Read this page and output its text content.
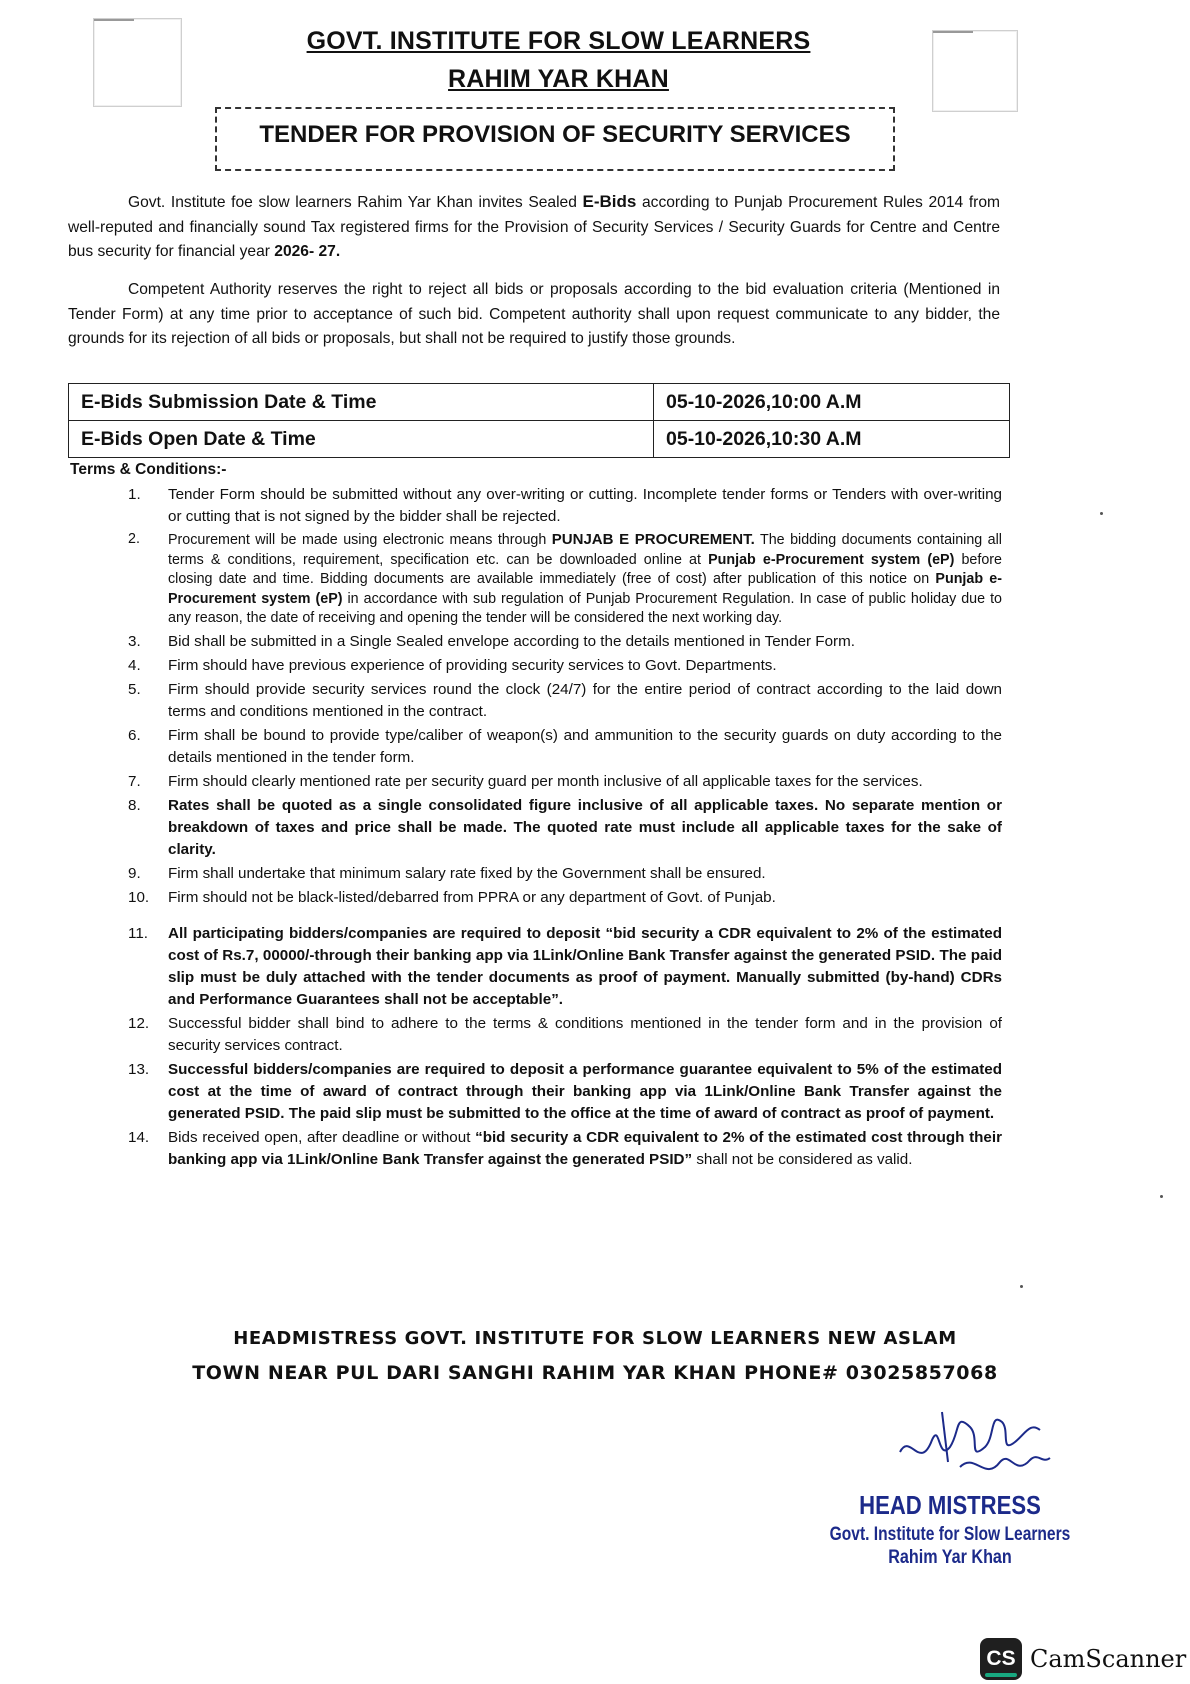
GOVT. INSTITUTE FOR SLOW LEARNERS
RAHIM YAR KHAN
TENDER FOR PROVISION OF SECURITY SERVICES
Govt. Institute foe slow learners Rahim Yar Khan invites Sealed E-Bids according to Punjab Procurement Rules 2014 from well-reputed and financially sound Tax registered firms for the Provision of Security Services / Security Guards for Centre and Centre bus security for financial year 2026- 27.
Competent Authority reserves the right to reject all bids or proposals according to the bid evaluation criteria (Mentioned in Tender Form) at any time prior to acceptance of such bid. Competent authority shall upon request communicate to any bidder, the grounds for its rejection of all bids or proposals, but shall not be required to justify those grounds.
E-Bids Submission Date & Time	05-10-2026,10:00 A.M
E-Bids Open Date & Time	05-10-2026,10:30 A.M
Terms & Conditions:-
1.	Tender Form should be submitted without any over-writing or cutting. Incomplete tender forms or Tenders with over-writing or cutting that is not signed by the bidder shall be rejected.
2.	Procurement will be made using electronic means through PUNJAB E PROCUREMENT. The bidding documents containing all terms & conditions, requirement, specification etc. can be downloaded online at Punjab e-Procurement system (eP) before closing date and time. Bidding documents are available immediately (free of cost) after publication of this notice on Punjab e-Procurement system (eP) in accordance with sub regulation of Punjab Procurement Regulation. In case of public holiday due to any reason, the date of receiving and opening the tender will be considered the next working day.
3.	Bid shall be submitted in a Single Sealed envelope according to the details mentioned in Tender Form.
4.	Firm should have previous experience of providing security services to Govt. Departments.
5.	Firm should provide security services round the clock (24/7) for the entire period of contract according to the laid down terms and conditions mentioned in the contract.
6.	Firm shall be bound to provide type/caliber of weapon(s) and ammunition to the security guards on duty according to the details mentioned in the tender form.
7.	Firm should clearly mentioned rate per security guard per month inclusive of all applicable taxes for the services.
8.	Rates shall be quoted as a single consolidated figure inclusive of all applicable taxes. No separate mention or breakdown of taxes and price shall be made. The quoted rate must include all applicable taxes for the sake of clarity.
9.	Firm shall undertake that minimum salary rate fixed by the Government shall be ensured.
10.	Firm should not be black-listed/debarred from PPRA or any department of Govt. of Punjab.
11.	All participating bidders/companies are required to deposit “bid security a CDR equivalent to 2% of the estimated cost of Rs.7, 00000/-through their banking app via 1Link/Online Bank Transfer against the generated PSID. The paid slip must be duly attached with the tender documents as proof of payment. Manually submitted (by-hand) CDRs and Performance Guarantees shall not be acceptable”.
12.	Successful bidder shall bind to adhere to the terms & conditions mentioned in the tender form and in the provision of security services contract.
13.	Successful bidders/companies are required to deposit a performance guarantee equivalent to 5% of the estimated cost at the time of award of contract through their banking app via 1Link/Online Bank Transfer against the generated PSID. The paid slip must be submitted to the office at the time of award of contract as proof of payment.
14.	Bids received open, after deadline or without “bid security a CDR equivalent to 2% of the estimated cost through their banking app via 1Link/Online Bank Transfer against the generated PSID” shall not be considered as valid.
HEADMISTRESS GOVT. INSTITUTE FOR SLOW LEARNERS NEW ASLAM
TOWN NEAR PUL DARI SANGHI RAHIM YAR KHAN PHONE# 03025857068
HEAD MISTRESS
Govt. Institute for Slow Learners
Rahim Yar Khan
CS CamScanner
